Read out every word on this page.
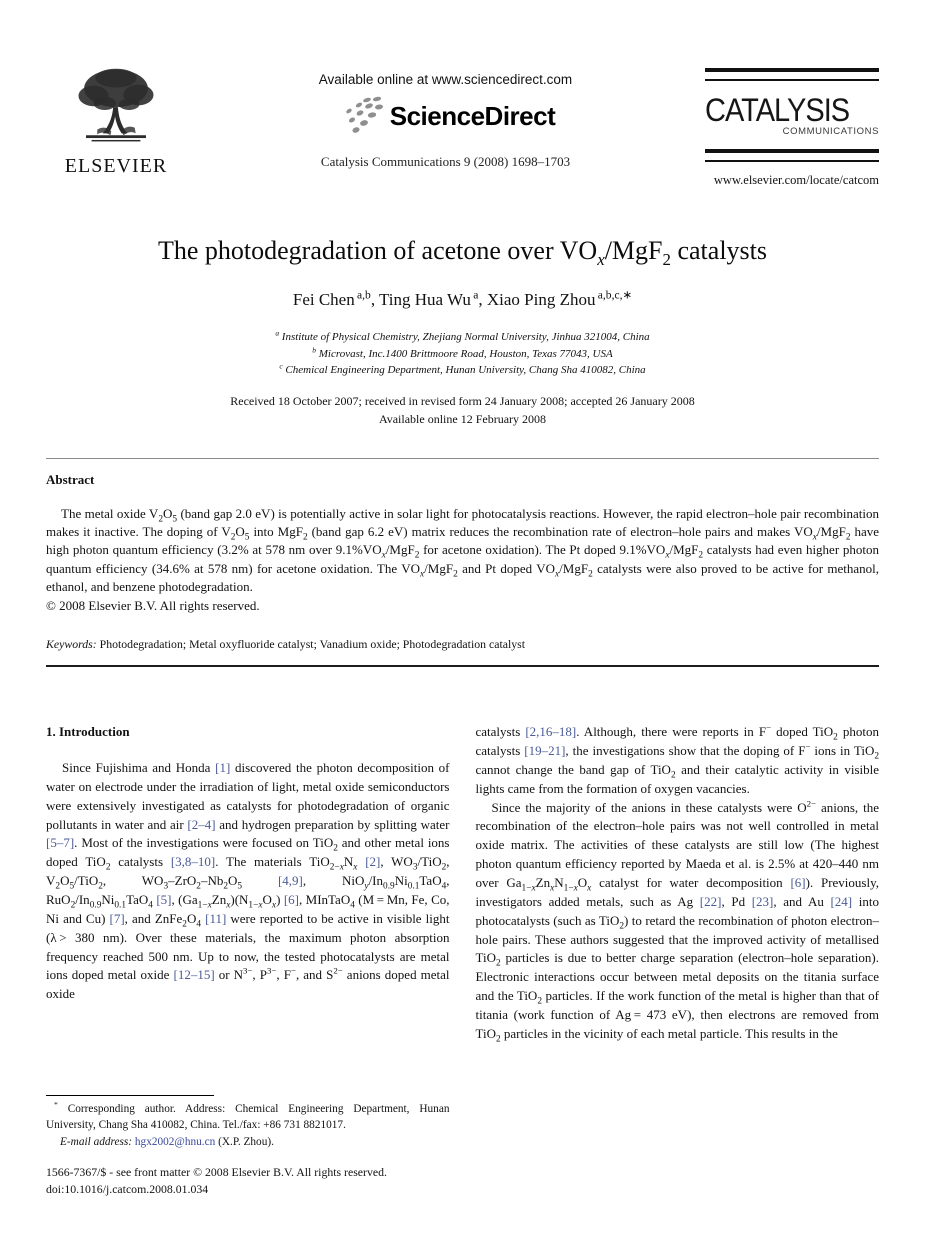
ELSEVIER
Available online at www.sciencedirect.com
ScienceDirect
Catalysis Communications 9 (2008) 1698–1703
CATALYSIS
COMMUNICATIONS
www.elsevier.com/locate/catcom
The photodegradation of acetone over $VO_x/MgF_2$ catalysts
Fei Chen $^{a,b}$, Ting Hua Wu $^a$, Xiao Ping Zhou $^{a,b,c,∗}$
$^a$ Institute of Physical Chemistry, Zhejiang Normal University, Jinhua 321004, China
$^b$ Microvast, Inc.1400 Brittmoore Road, Houston, Texas 77043, USA
$^c$ Chemical Engineering Department, Hunan University, Chang Sha 410082, China
Received 18 October 2007; received in revised form 24 January 2008; accepted 26 January 2008
Available online 12 February 2008
Abstract
The metal oxide $V_2O_5$ (band gap 2.0 eV) is potentially active in solar light for photocatalysis reactions. However, the rapid electron–hole pair recombination makes it inactive. The doping of $V_2O_5$ into MgF$_2$ (band gap 6.2 eV) matrix reduces the recombination rate of electron–hole pairs and makes $VO_x/MgF_2$ have high photon quantum efficiency (3.2% at 578 nm over $9.1\%VO_x/MgF_2$ for acetone oxidation). The Pt doped $9.1\%VO_x/MgF_2$ catalysts had even higher photon quantum efficiency (34.6% at 578 nm) for acetone oxidation. The $VO_x/MgF_2$ and Pt doped $VO_x/MgF_2$ catalysts were also proved to be active for methanol, ethanol, and benzene photodegradation.
© 2008 Elsevier B.V. All rights reserved.
Keywords: Photodegradation; Metal oxyfluoride catalyst; Vanadium oxide; Photodegradation catalyst
1. Introduction

Since Fujishima and Honda [1] discovered the photon decomposition of water on electrode under the irradiation of light, metal oxide semiconductors were extensively investigated as catalysts for photodegradation of organic pollutants in water and air [2–4] and hydrogen preparation by splitting water [5–7]. Most of the investigations were focused on TiO$_2$ and other metal ions doped TiO$_2$ catalysts [3,8–10]. The materials $TiO_{2-x}N_x$ [2], $WO_3/TiO_2$, $V_2O_5/TiO_2$, $WO_3-ZrO_2-Nb_2O_5$	[4,9], $NiO_y/In_{0.9}Ni_{0.1}TaO_4$, $RuO_2/In_{0.9}Ni_{0.1}TaO_4$ [5], $(Ga_{1-x}Zn_x)(N_{1-x}O_x)$ [6], MInTaO$_4$ (M = Mn, Fe, Co, Ni and Cu) [7], and $ZnFe_2O_4$ [11] were reported to be active in visible light (λ > 380 nm). Over these materials, the maximum photon absorption frequency reached 500 nm. Up to now, the tested photocatalysts are metal ions doped metal oxide [12–15] or $N^{3-}$, $P^{3-}$, F−, and $S^{2-}$ anions doped metal oxide

* Corresponding author. Address: Chemical Engineering Department, Hunan University, Chang Sha 410082, China. Tel./fax: +86 731 8821017.
E-mail address: hgx2002@hnu.cn (X.P. Zhou).
1566-7367/$ - see front matter © 2008 Elsevier B.V. All rights reserved.
doi:10.1016/j.catcom.2008.01.034

catalysts [2,16–18]. Although, there were reports in F− doped TiO$_2$ photon catalysts [19–21], the investigations show that the doping of F− ions in TiO$_2$ cannot change the band gap of TiO$_2$ and their catalytic activity in visible lights came from the formation of oxygen vacancies.

Since the majority of the anions in these catalysts were $O^{2-}$ anions, the recombination of the electron–hole pairs was not well controlled in metal oxide matrix. The activities of these catalysts are still low (The highest photon quantum efficiency reported by Maeda et al. is 2.5% at 420–440 nm over $Ga_{1-x}Zn_xN_{1-x}O_x$ catalyst for water decomposition [6]). Previously, investigators added metals, such as Ag [22], Pd [23], and Au [24] into photocatalysts (such as TiO$_2$) to retard the recombination of photon electron–hole pairs. These authors suggested that the improved activity of metallised TiO$_2$ particles is due to better charge separation (electron–hole separation). Electronic interactions occur between metal deposits on the titania surface and the TiO$_2$ particles. If the work function of the metal is higher than that of titania (work function of Ag = 473 eV), then electrons are removed from TiO$_2$ particles in the vicinity of each metal particle. This results in the
